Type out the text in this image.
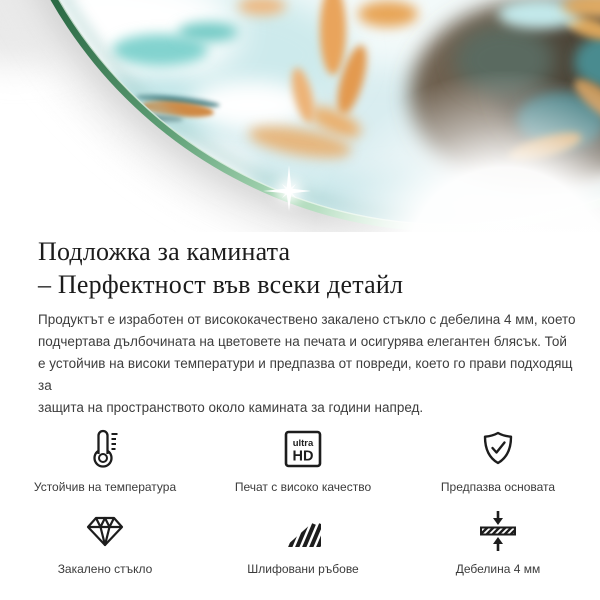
Подложка за камината
– Перфектност във всеки детайл
Продуктът е изработен от висококачествено закалено стъкло с дебелина 4 мм, което
подчертава дълбочината на цветовете на печата и осигурява елегантен блясък. Той
е устойчив на високи температури и предпазва от повреди, което го прави подходящ за
защита на пространството около камината за години напред.
Устойчив на температура
ultra
HD
Печат с високо качество	Предпазва основата
Закалено стъкло	Шлифовани ръбове	Дебелина 4 мм
